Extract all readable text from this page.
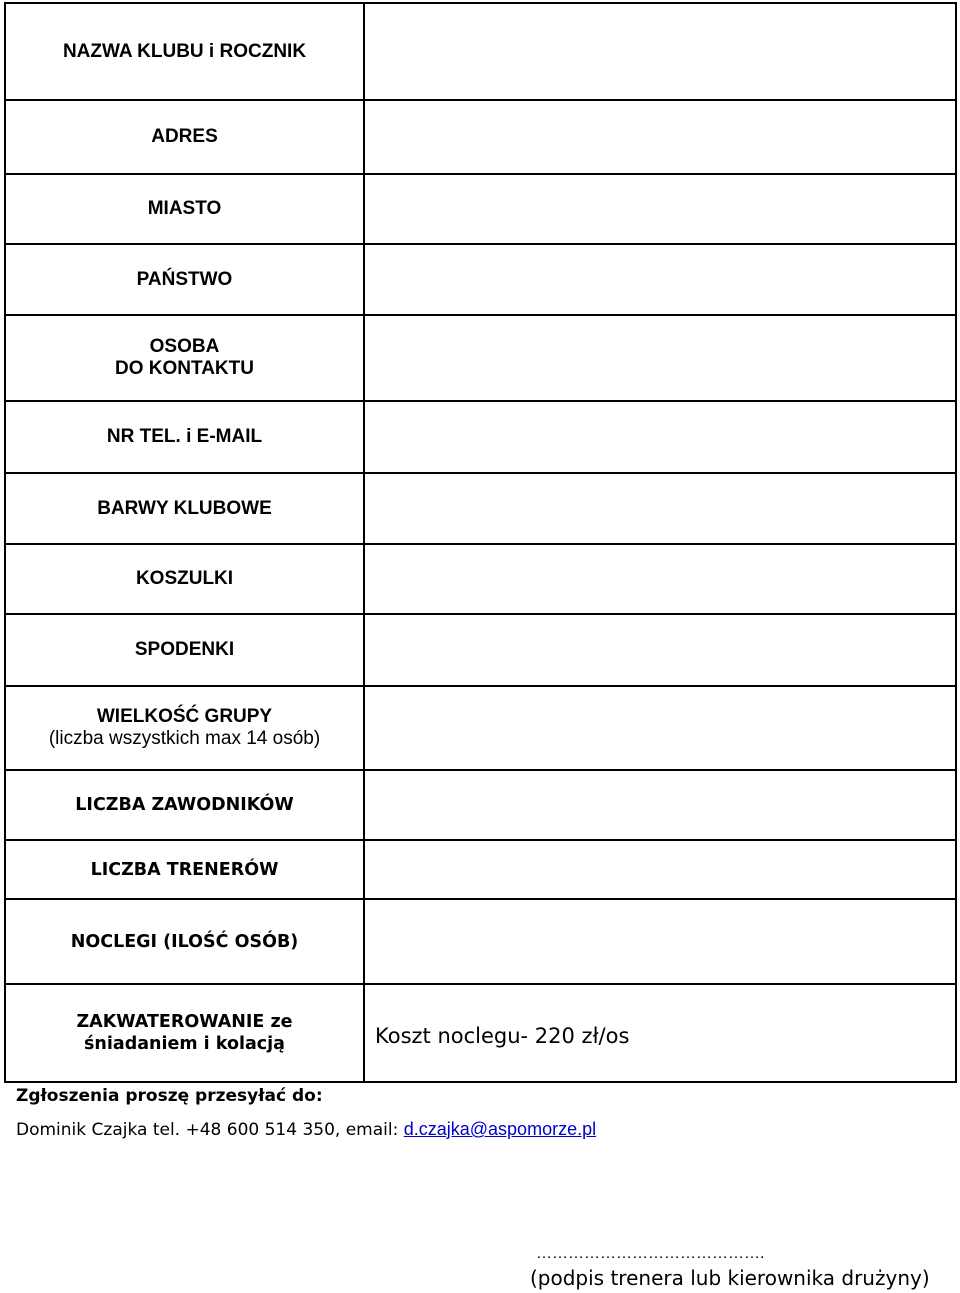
NAZWA KLUBU i ROCZNIK	

ADRES	

MIASTO	

PAŃSTWO	

OSOBA
DO KONTAKTU	

NR TEL. i E-MAIL	

BARWY KLUBOWE	

KOSZULKI	

SPODENKI	

WIELKOŚĆ GRUPY
(liczba wszystkich max 14 osób)	

LICZBA ZAWODNIKÓW	

LICZBA TRENERÓW	

NOCLEGI (ILOŚĆ OSÓB)	

ZAKWATEROWANIE ze
śniadaniem i kolacją	Koszt noclegu- 220 zł/os
Zgłoszenia proszę przesyłać do:
Dominik Czajka tel. +48 600 514 350, email: d.czajka@aspomorze.pl
…………………………………….
(podpis trenera lub kierownika drużyny)
